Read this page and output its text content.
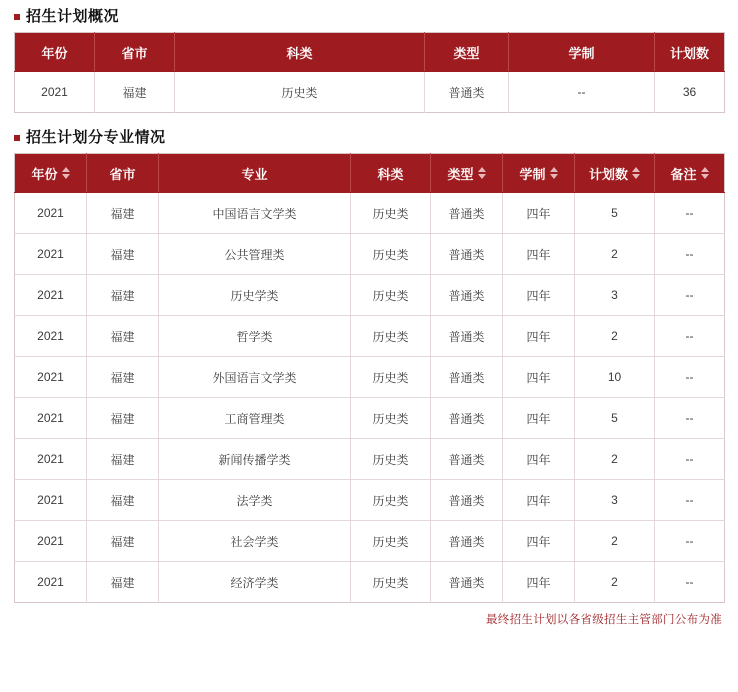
招生计划概况
年份	省市	科类	类型	学制	计划数
2021	福建	历史类	普通类	--	36
招生计划分专业情况
年份	省市	专业	科类	类型	学制	计划数	备注

2021	福建	中国语言文学类	历史类	普通类	四年	5	--
2021	福建	公共管理类	历史类	普通类	四年	2	--
2021	福建	历史学类	历史类	普通类	四年	3	--
2021	福建	哲学类	历史类	普通类	四年	2	--
2021	福建	外国语言文学类	历史类	普通类	四年	10	--
2021	福建	工商管理类	历史类	普通类	四年	5	--
2021	福建	新闻传播学类	历史类	普通类	四年	2	--
2021	福建	法学类	历史类	普通类	四年	3	--
2021	福建	社会学类	历史类	普通类	四年	2	--
2021	福建	经济学类	历史类	普通类	四年	2	--
最终招生计划以各省级招生主管部门公布为准
